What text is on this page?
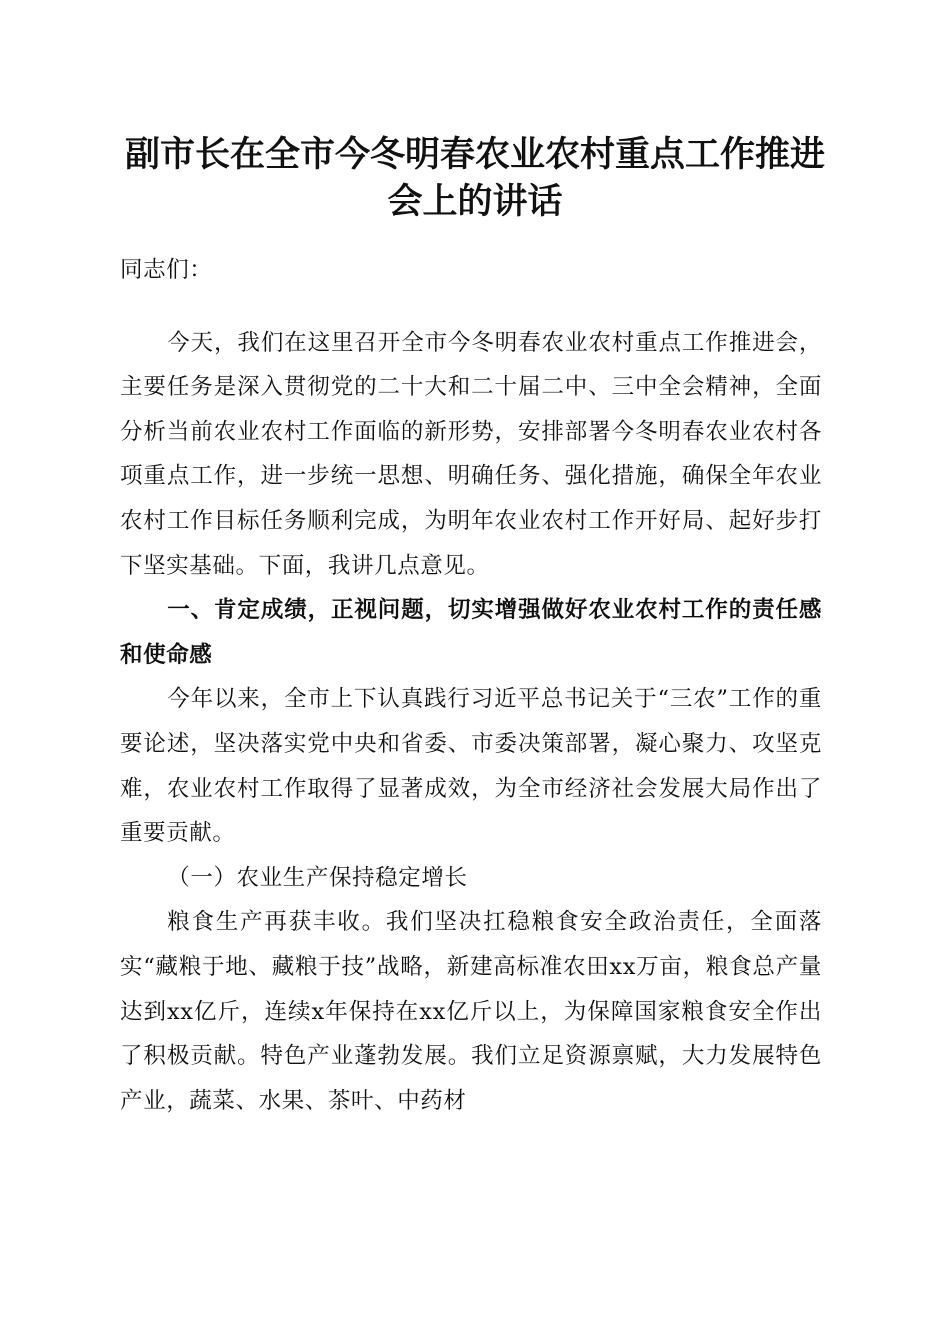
副市长在全市今冬明春农业农村重点工作推进
会上的讲话

同志们：

今天，我们在这里召开全市今冬明春农业农村重点工作推进会，主要任务是深入贯彻党的二十大和二十届二中、三中全会精神，全面分析当前农业农村工作面临的新形势，安排部署今冬明春农业农村各项重点工作，进一步统一思想、明确任务、强化措施，确保全年农业农村工作目标任务顺利完成，为明年农业农村工作开好局、起好步打下坚实基础。下面，我讲几点意见。

一、肯定成绩，正视问题，切实增强做好农业农村工作的责任感和使命感

今年以来，全市上下认真践行习近平总书记关于“三农”工作的重要论述，坚决落实党中央和省委、市委决策部署，凝心聚力、攻坚克难，农业农村工作取得了显著成效，为全市经济社会发展大局作出了重要贡献。

（一）农业生产保持稳定增长

粮食生产再获丰收。我们坚决扛稳粮食安全政治责任，全面落实“藏粮于地、藏粮于技”战略，新建高标准农田xx万亩，粮食总产量达到xx亿斤，连续x年保持在xx亿斤以上，为保障国家粮食安全作出了积极贡献。特色产业蓬勃发展。我们立足资源禀赋，大力发展特色产业，蔬菜、水果、茶叶、中药材
